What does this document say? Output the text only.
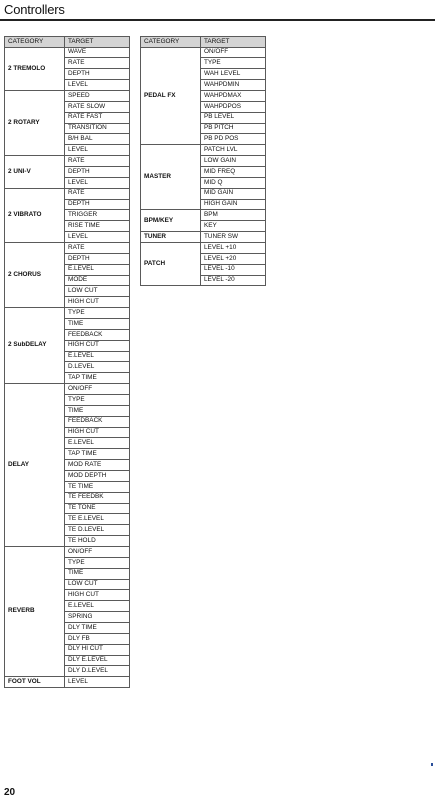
Controllers
CATEGORY	TARGET
2 TREMOLO	WAVE
	RATE
	DEPTH
	LEVEL
2 ROTARY	SPEED
	RATE SLOW
	RATE FAST
	TRANSITION
	B/H BAL
	LEVEL
2 UNI-V	RATE
	DEPTH
	LEVEL
2 VIBRATO	RATE
	DEPTH
	TRIGGER
	RISE TIME
	LEVEL
2 CHORUS	RATE
	DEPTH
	E.LEVEL
	MODE
	LOW CUT
	HIGH CUT
2 SubDELAY	TYPE
	TIME
	FEEDBACK
	HIGH CUT
	E.LEVEL
	D.LEVEL
	TAP TIME
DELAY	ON/OFF
	TYPE
	TIME
	FEEDBACK
	HIGH CUT
	E.LEVEL
	TAP TIME
	MOD RATE
	MOD DEPTH
	TE TIME
	TE FEEDBK
	TE TONE
	TE E.LEVEL
	TE D.LEVEL
	TE HOLD
REVERB	ON/OFF
	TYPE
	TIME
	LOW CUT
	HIGH CUT
	E.LEVEL
	SPRING
	DLY TIME
	DLY FB
	DLY HI CUT
	DLY E.LEVEL
	DLY D.LEVEL
FOOT VOL	LEVEL
CATEGORY	TARGET
PEDAL FX	ON/OFF
	TYPE
	WAH LEVEL
	WAHPDMIN
	WAHPDMAX
	WAHPDPOS
	PB LEVEL
	PB PITCH
	PB PD POS
MASTER	PATCH LVL
	LOW GAIN
	MID FREQ
	MID Q
	MID GAIN
	HIGH GAIN
BPM/KEY	BPM
	KEY
TUNER	TUNER SW
PATCH	LEVEL +10
	LEVEL +20
	LEVEL -10
	LEVEL -20
20
